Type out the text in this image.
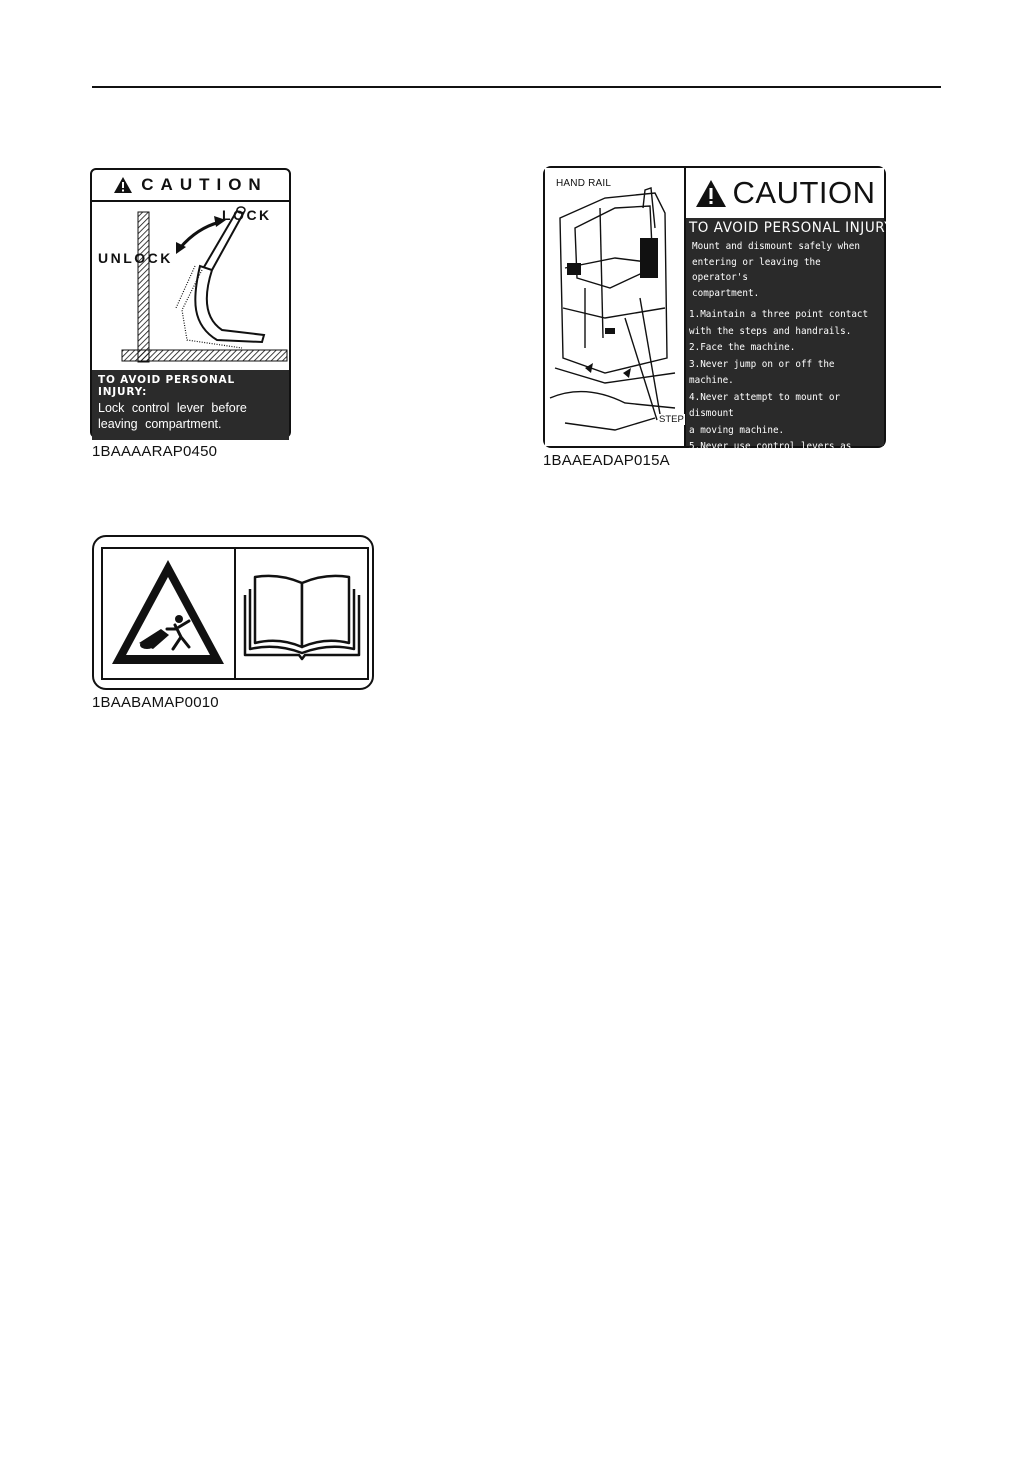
CAUTION
LOCK
UNLOCK
TO AVOID PERSONAL INJURY:
Lock control lever before
leaving compartment.
1BAAAARAP0450
HAND RAIL
STEP
CAUTION
TO AVOID PERSONAL INJURY:
Mount and dismount safely when
entering or leaving the operator's
compartment.
1.Maintain a three point contact
with the steps and handrails.
2.Face the machine.
3.Never jump on or off the machine.
4.Never attempt to mount or dismount
a moving machine.
5.Never use control levers as
handles.
1BAAEADAP015A
1BAABAMAP0010
